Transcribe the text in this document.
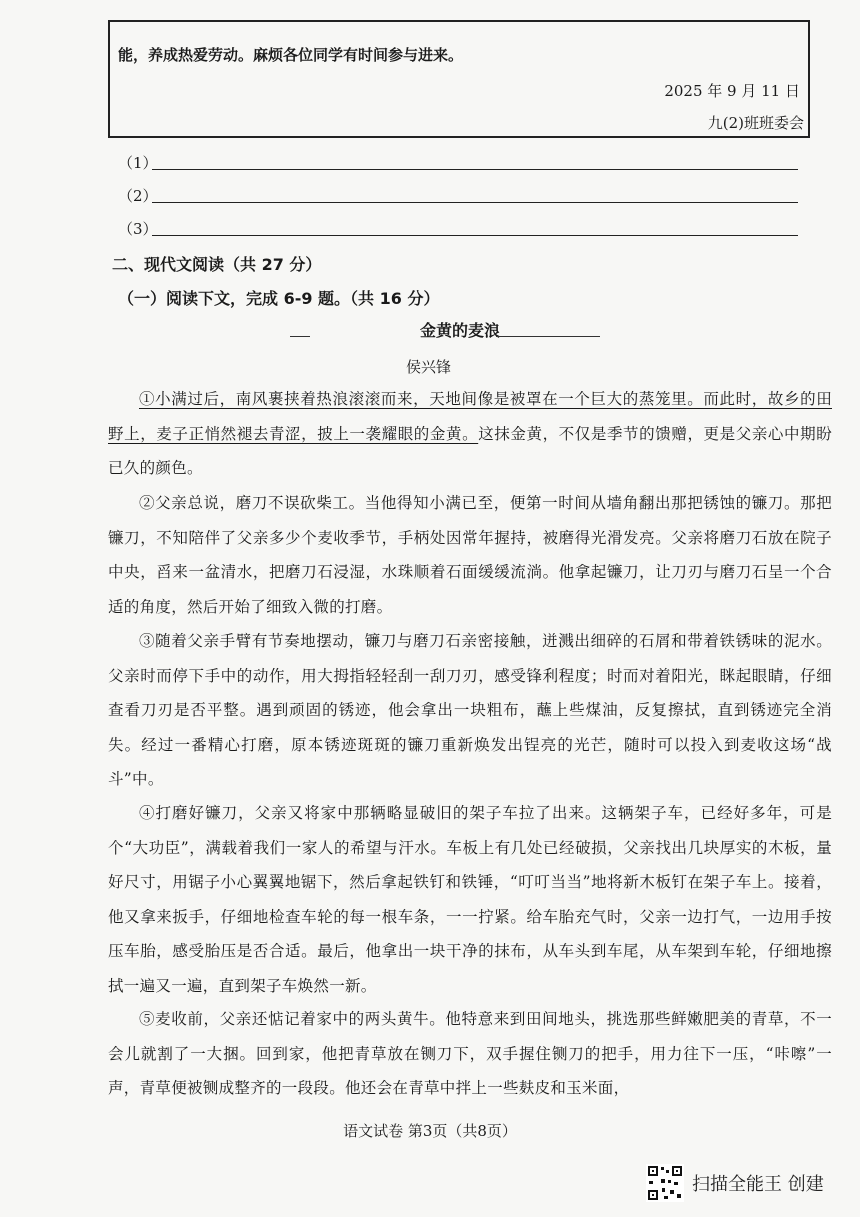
能，养成热爱劳动。麻烦各位同学有时间参与进来。
2025 年 9 月 11 日
九(2)班班委会
（1）
（2）
（3）
二、现代文阅读（共 27 分）
（一）阅读下文，完成 6-9 题。（共 16 分）
金黄的麦浪
侯兴锋
①小满过后，南风裹挟着热浪滚滚而来，天地间像是被罩在一个巨大的蒸笼里。而此时，故乡的田野上，麦子正悄然褪去青涩，披上一袭耀眼的金黄。这抹金黄，不仅是季节的馈赠，更是父亲心中期盼已久的颜色。
②父亲总说，磨刀不误砍柴工。当他得知小满已至，便第一时间从墙角翻出那把锈蚀的镰刀。那把镰刀，不知陪伴了父亲多少个麦收季节，手柄处因常年握持，被磨得光滑发亮。父亲将磨刀石放在院子中央，舀来一盆清水，把磨刀石浸湿，水珠顺着石面缓缓流淌。他拿起镰刀，让刀刃与磨刀石呈一个合适的角度，然后开始了细致入微的打磨。
③随着父亲手臂有节奏地摆动，镰刀与磨刀石亲密接触，迸溅出细碎的石屑和带着铁锈味的泥水。父亲时而停下手中的动作，用大拇指轻轻刮一刮刀刃，感受锋利程度；时而对着阳光，眯起眼睛，仔细查看刀刃是否平整。遇到顽固的锈迹，他会拿出一块粗布，蘸上些煤油，反复擦拭，直到锈迹完全消失。经过一番精心打磨，原本锈迹斑斑的镰刀重新焕发出锃亮的光芒，随时可以投入到麦收这场“战斗”中。
④打磨好镰刀，父亲又将家中那辆略显破旧的架子车拉了出来。这辆架子车，已经好多年，可是个“大功臣”，满载着我们一家人的希望与汗水。车板上有几处已经破损，父亲找出几块厚实的木板，量好尺寸，用锯子小心翼翼地锯下，然后拿起铁钉和铁锤，“叮叮当当”地将新木板钉在架子车上。接着，他又拿来扳手，仔细地检查车轮的每一根车条，一一拧紧。给车胎充气时，父亲一边打气，一边用手按压车胎，感受胎压是否合适。最后，他拿出一块干净的抹布，从车头到车尾，从车架到车轮，仔细地擦拭一遍又一遍，直到架子车焕然一新。
⑤麦收前，父亲还惦记着家中的两头黄牛。他特意来到田间地头，挑选那些鲜嫩肥美的青草，不一会儿就割了一大捆。回到家，他把青草放在铡刀下，双手握住铡刀的把手，用力往下一压，“咔嚓”一声，青草便被铡成整齐的一段段。他还会在青草中拌上一些麸皮和玉米面，
语文试卷 第3页（共8页）
扫描全能王 创建
